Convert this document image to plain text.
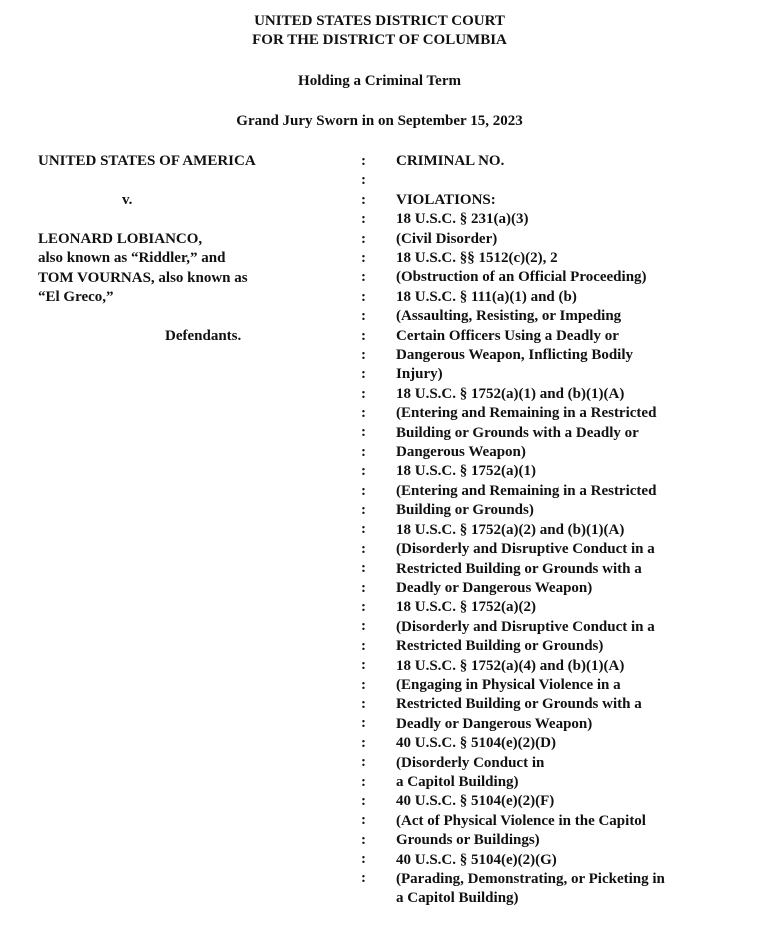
UNITED STATES DISTRICT COURT
FOR THE DISTRICT OF COLUMBIA
Holding a Criminal Term
Grand Jury Sworn in on September 15, 2023
UNITED STATES OF AMERICA
v.
LEONARD LOBIANCO,
also known as “Riddler,” and
TOM VOURNAS, also known as
“El Greco,”
Defendants.
:
:
:
:
:
:
:
:
:
:
:
:
:
:
:
:
:
:
:
:
:
:
:
:
:
:
:
:
:
:
:
:
:
:
:
:
:
:
CRIMINAL NO.
VIOLATIONS:
18 U.S.C. § 231(a)(3)
(Civil Disorder)
18 U.S.C. §§ 1512(c)(2), 2
(Obstruction of an Official Proceeding)
18 U.S.C. § 111(a)(1) and (b)
(Assaulting, Resisting, or Impeding
Certain Officers Using a Deadly or
Dangerous Weapon, Inflicting Bodily
Injury)
18 U.S.C. § 1752(a)(1) and (b)(1)(A)
(Entering and Remaining in a Restricted
Building or Grounds with a Deadly or
Dangerous Weapon)
18 U.S.C. § 1752(a)(1)
(Entering and Remaining in a Restricted
Building or Grounds)
18 U.S.C. § 1752(a)(2) and (b)(1)(A)
(Disorderly and Disruptive Conduct in a
Restricted Building or Grounds with a
Deadly or Dangerous Weapon)
18 U.S.C. § 1752(a)(2)
(Disorderly and Disruptive Conduct in a
Restricted Building or Grounds)
18 U.S.C. § 1752(a)(4) and (b)(1)(A)
(Engaging in Physical Violence in a
Restricted Building or Grounds with a
Deadly or Dangerous Weapon)
40 U.S.C. § 5104(e)(2)(D)
(Disorderly Conduct in
a Capitol Building)
40 U.S.C. § 5104(e)(2)(F)
(Act of Physical Violence in the Capitol
Grounds or Buildings)
40 U.S.C. § 5104(e)(2)(G)
(Parading, Demonstrating, or Picketing in
a Capitol Building)
